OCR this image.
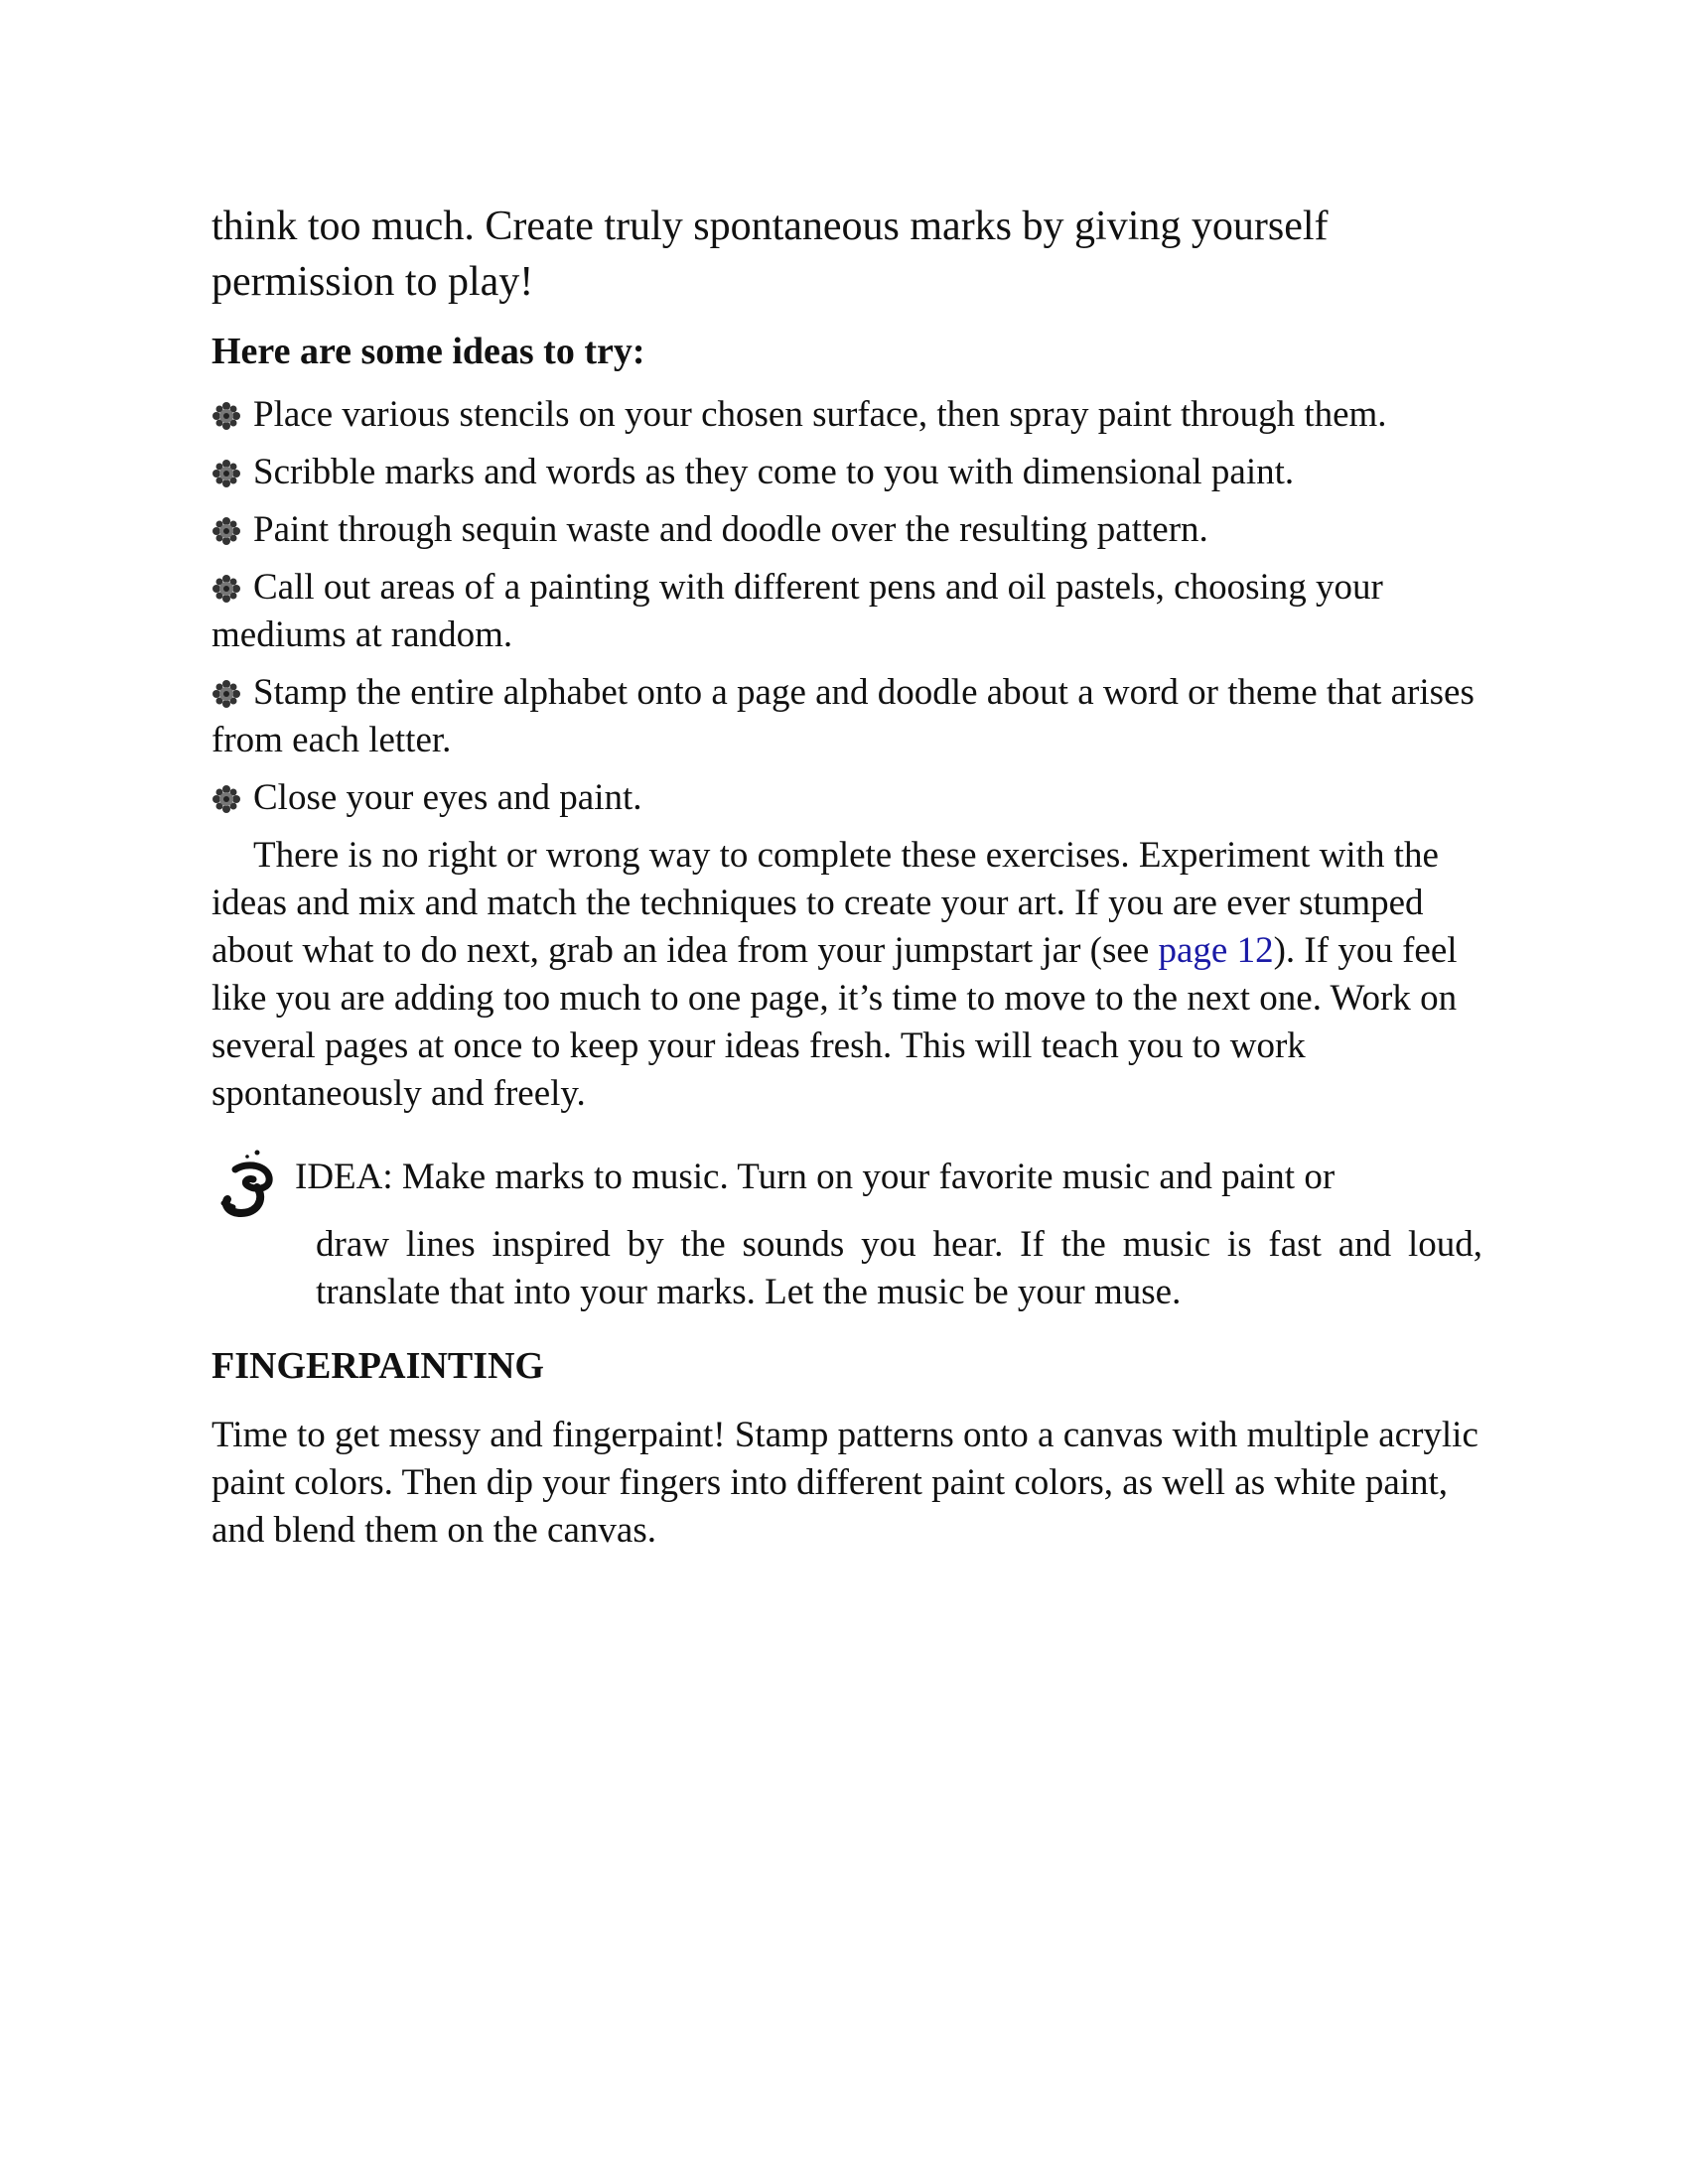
think too much. Create truly spontaneous marks by giving yourself permission to play!

Here are some ideas to try:
Place various stencils on your chosen surface, then spray paint through them.
Scribble marks and words as they come to you with dimensional paint.
Paint through sequin waste and doodle over the resulting pattern.
Call out areas of a painting with different pens and oil pastels, choosing your mediums at random.
Stamp the entire alphabet onto a page and doodle about a word or theme that arises from each letter.
Close your eyes and paint.

There is no right or wrong way to complete these exercises. Experiment with the ideas and mix and match the techniques to create your art. If you are ever stumped about what to do next, grab an idea from your jumpstart jar (see page 12). If you feel like you are adding too much to one page, it’s time to move to the next one. Work on several pages at once to keep your ideas fresh. This will teach you to work spontaneously and freely.

IDEA: Make marks to music. Turn on your favorite music and paint or

draw lines inspired by the sounds you hear. If the music is fast and loud, translate that into your marks. Let the music be your muse.

FINGERPAINTING

Time to get messy and fingerpaint! Stamp patterns onto a canvas with multiple acrylic paint colors. Then dip your fingers into different paint colors, as well as white paint, and blend them on the canvas.
